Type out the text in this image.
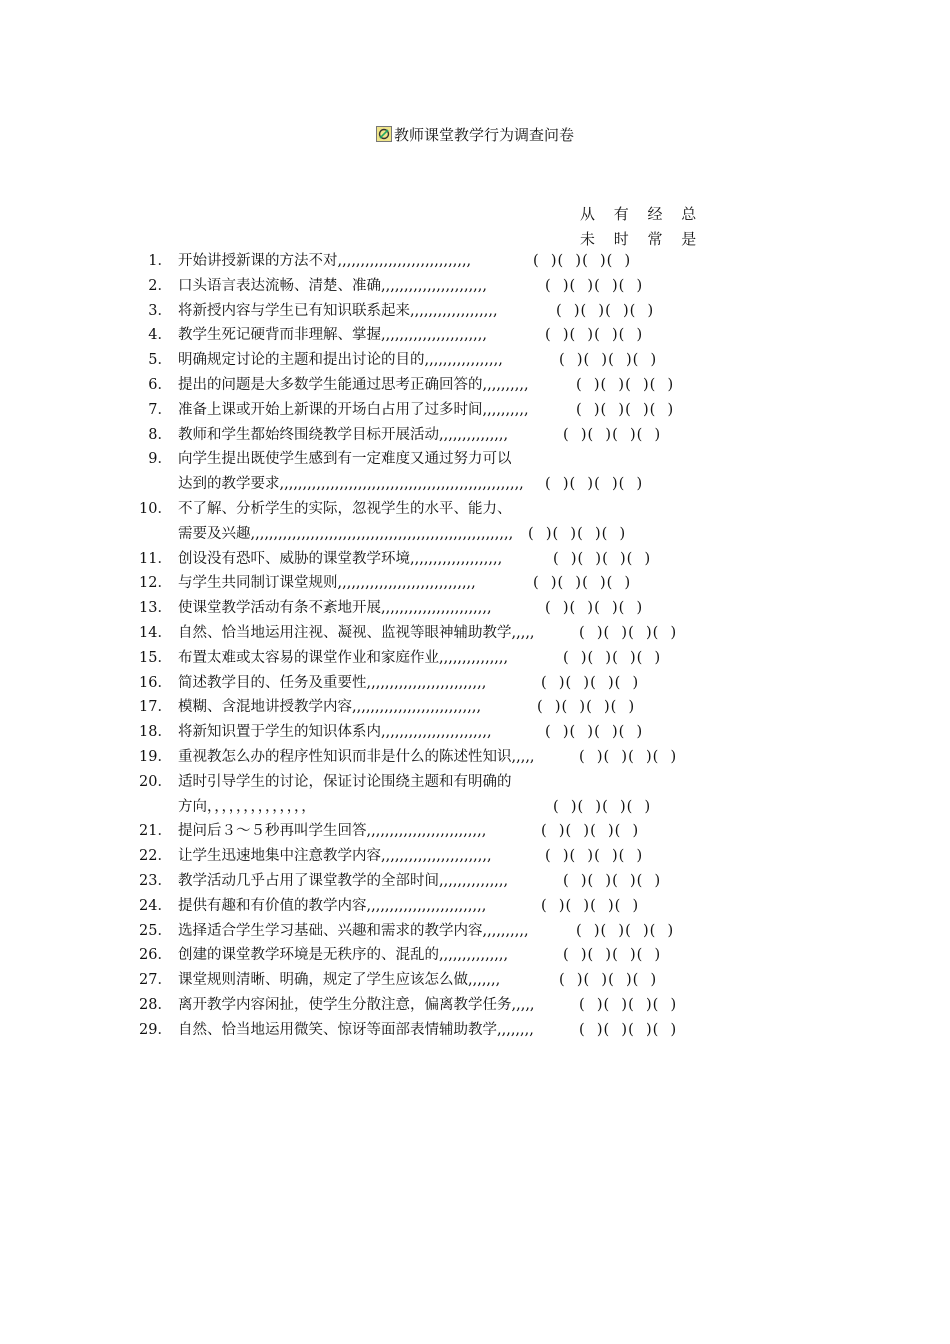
教师课堂教学行为调查问卷
从 有 经 总
未 时 常 是
1． 开始讲授新课的方法不对,,,,,,,,,,,,,,,,,,,,,,,,,,,,,	(  )(  )(  )(  )
2． 口头语言表达流畅、清楚、准确,,,,,,,,,,,,,,,,,,,,,,,	(  )(  )(  )(  )
3． 将新授内容与学生已有知识联系起来,,,,,,,,,,,,,,,,,,,	(  )(  )(  )(  )
4． 教学生死记硬背而非理解、掌握,,,,,,,,,,,,,,,,,,,,,,,	(  )(  )(  )(  )
5． 明确规定讨论的主题和提出讨论的目的,,,,,,,,,,,,,,,,,	(  )(  )(  )(  )
6． 提出的问题是大多数学生能通过思考正确回答的,,,,,,,,,,	(  )(  )(  )(  )
7． 准备上课或开始上新课的开场白占用了过多时间,,,,,,,,,,	(  )(  )(  )(  )
8． 教师和学生都始终围绕教学目标开展活动,,,,,,,,,,,,,,,	(  )(  )(  )(  )
9． 向学生提出既使学生感到有一定难度又通过努力可以
达到的教学要求,,,,,,,,,,,,,,,,,,,,,,,,,,,,,,,,,,,,,,,,,,,,,,,,,,,,, (  )(  )(  )(  )
10． 不了解、分析学生的实际，忽视学生的水平、能力、
需要及兴趣,,,,,,,,,,,,,,,,,,,,,,,,,,,,,,,,,,,,,,,,,,,,,,,,,,,,,,,,, (  )(  )(  )(  )
11． 创设没有恐吓、威胁的课堂教学环境,,,,,,,,,,,,,,,,,,,,	(  )(  )(  )(  )
12． 与学生共同制订课堂规则,,,,,,,,,,,,,,,,,,,,,,,,,,,,,,	(  )(  )(  )(  )
13． 使课堂教学活动有条不紊地开展,,,,,,,,,,,,,,,,,,,,,,,,	(  )(  )(  )(  )
14． 自然、恰当地运用注视、凝视、监视等眼神辅助教学,,,,,	(  )(  )(  )(  )
15． 布置太难或太容易的课堂作业和家庭作业,,,,,,,,,,,,,,,	(  )(  )(  )(  )
16． 简述教学目的、任务及重要性,,,,,,,,,,,,,,,,,,,,,,,,,,	(  )(  )(  )(  )
17． 模糊、含混地讲授教学内容,,,,,,,,,,,,,,,,,,,,,,,,,,,,	(  )(  )(  )(  )
18． 将新知识置于学生的知识体系内,,,,,,,,,,,,,,,,,,,,,,,,	(  )(  )(  )(  )
19． 重视教怎么办的程序性知识而非是什么的陈述性知识,,,,,	(  )(  )(  )(  )
20． 适时引导学生的讨论，保证讨论围绕主题和有明确的
方向，，，，，，，，，，，，，，	(  )(  )(  )(  )
21． 提问后３～５秒再叫学生回答,,,,,,,,,,,,,,,,,,,,,,,,,,	(  )(  )(  )(  )
22． 让学生迅速地集中注意教学内容,,,,,,,,,,,,,,,,,,,,,,,,	(  )(  )(  )(  )
23． 教学活动几乎占用了课堂教学的全部时间,,,,,,,,,,,,,,,	(  )(  )(  )(  )
24． 提供有趣和有价值的教学内容,,,,,,,,,,,,,,,,,,,,,,,,,,	(  )(  )(  )(  )
25． 选择适合学生学习基础、兴趣和需求的教学内容,,,,,,,,,,	(  )(  )(  )(  )
26． 创建的课堂教学环境是无秩序的、混乱的,,,,,,,,,,,,,,,	(  )(  )(  )(  )
27． 课堂规则清晰、明确，规定了学生应该怎么做,,,,,,,	(  )(  )(  )(  )
28． 离开教学内容闲扯，使学生分散注意，偏离教学任务,,,,,	(  )(  )(  )(  )
29． 自然、恰当地运用微笑、惊讶等面部表情辅助教学,,,,,,,,	(  )(  )(  )(  )
